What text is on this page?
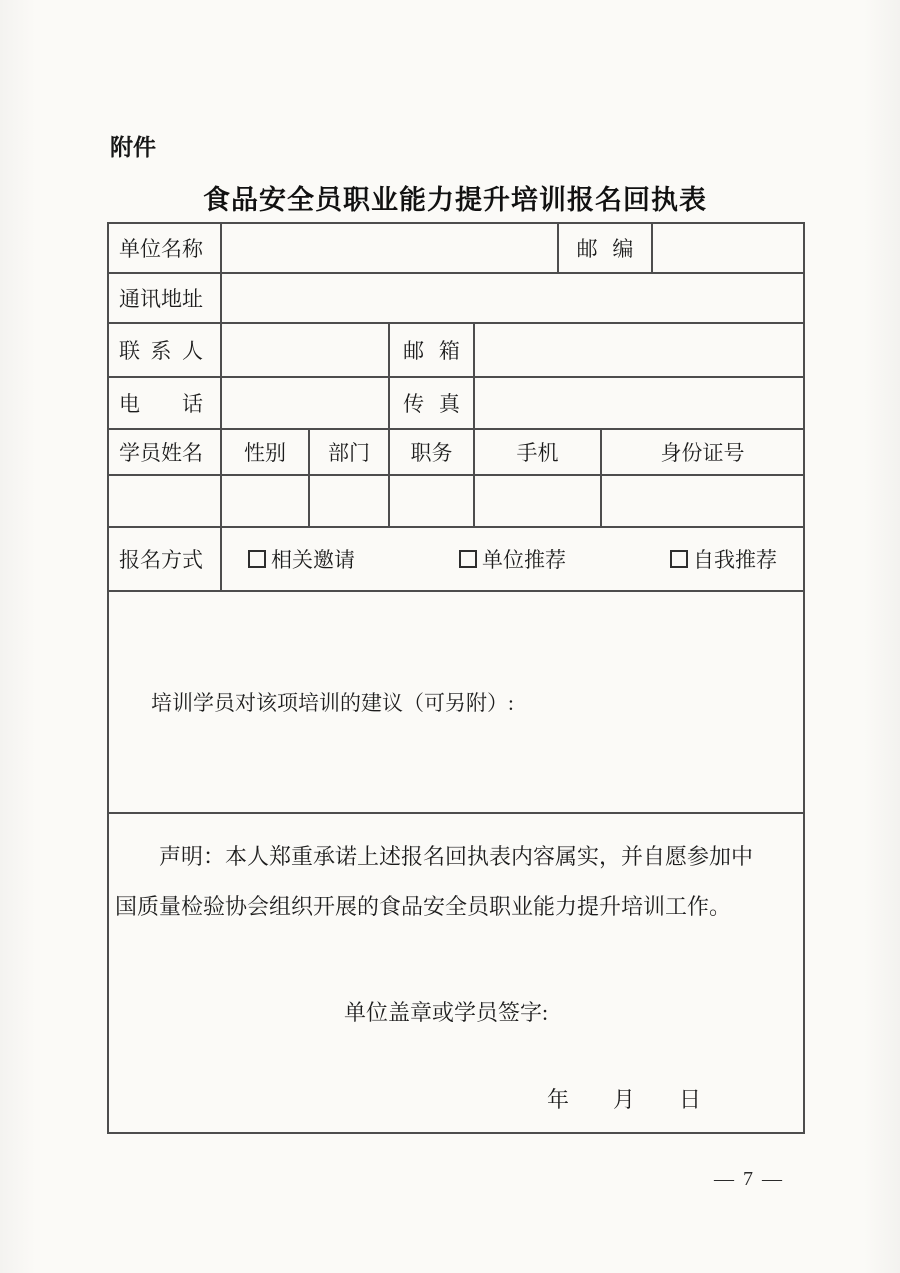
附件
食品安全员职业能力提升培训报名回执表
单位名称					邮编		
通讯地址							
联系人			邮箱				
电话			传真				
学员姓名	性别	部门	职务	手机		身份证号	

报名方式	相关邀请 单位推荐 自我推荐						

培训学员对该项培训的建议（可另附）:							

声明：本人郑重承诺上述报名回执表内容属实，并自愿参加中国质量检验协会组织开展的食品安全员职业能力提升培训工作。

单位盖章或学员签字:

年 月 日							
— 7 —
